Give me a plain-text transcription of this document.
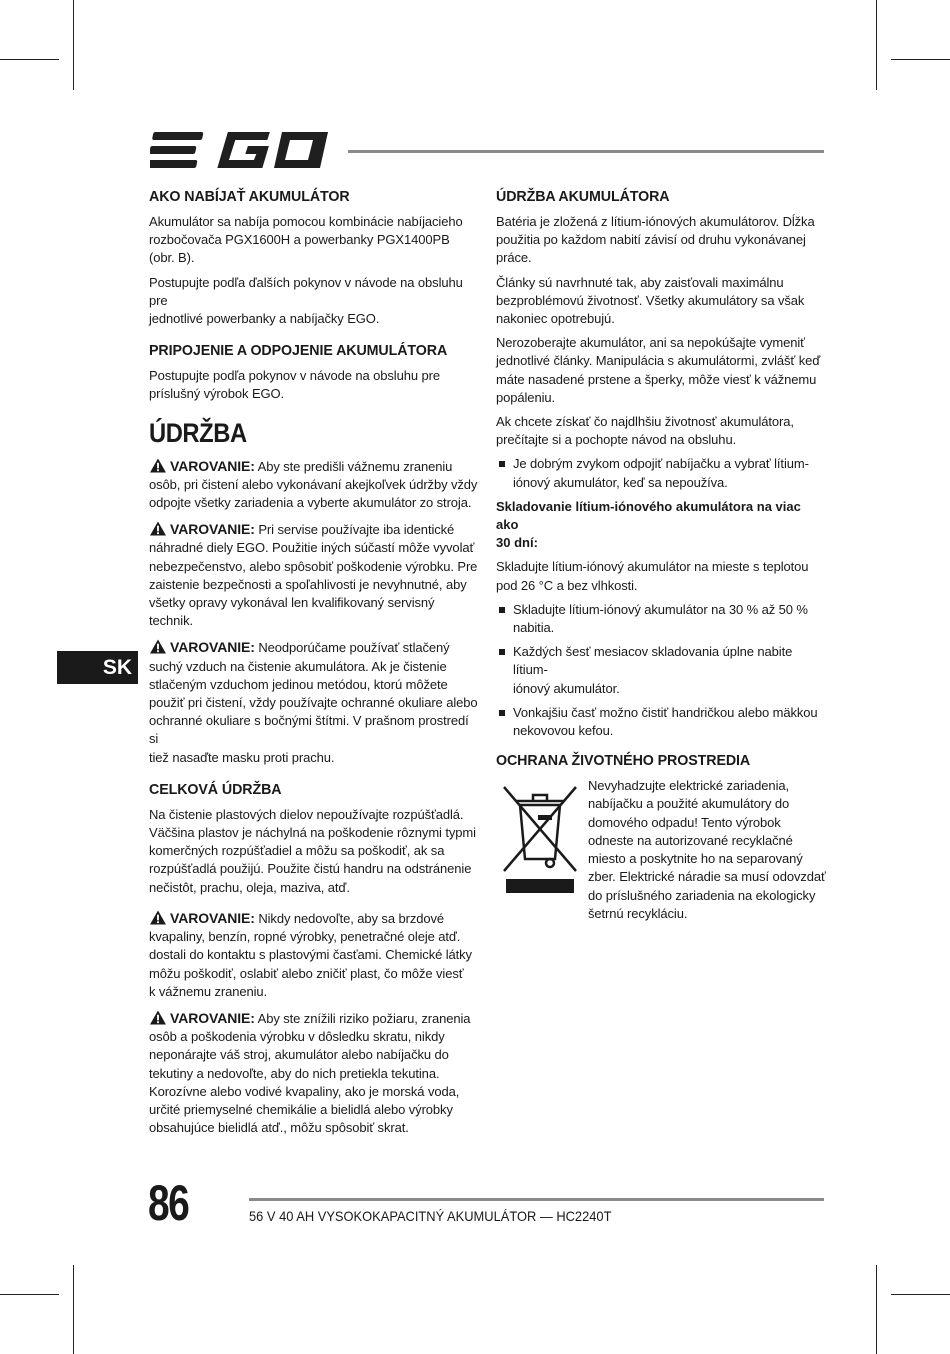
AKO NABÍJAŤ AKUMULÁTOR

Akumulátor sa nabíja pomocou kombinácie nabíjacieho
rozbočovača PGX1600H a powerbanky PGX1400PB
(obr. B).

Postupujte podľa ďalších pokynov v návode na obsluhu pre
jednotlivé powerbanky a nabíjačky EGO.

PRIPOJENIE A ODPOJENIE AKUMULÁTORA

Postupujte podľa pokynov v návode na obsluhu pre
príslušný výrobok EGO.

ÚDRŽBA
VAROVANIE: Aby ste predišli vážnemu zraneniu
osôb, pri čistení alebo vykonávaní akejkoľvek údržby vždy
odpojte všetky zariadenia a vyberte akumulátor zo stroja.
VAROVANIE: Pri servise používajte iba identické
náhradné diely EGO. Použitie iných súčastí môže vyvolať
nebezpečenstvo, alebo spôsobiť poškodenie výrobku. Pre
zaistenie bezpečnosti a spoľahlivosti je nevyhnutné, aby
všetky opravy vykonával len kvalifikovaný servisný technik.
VAROVANIE: Neodporúčame používať stlačený
suchý vzduch na čistenie akumulátora. Ak je čistenie
stlačeným vzduchom jedinou metódou, ktorú môžete
použiť pri čistení, vždy používajte ochranné okuliare alebo
ochranné okuliare s bočnými štítmi. V prašnom prostredí si
tiež nasaďte masku proti prachu.
CELKOVÁ ÚDRŽBA

Na čistenie plastových dielov nepoužívajte rozpúšťadlá.
Väčšina plastov je náchylná na poškodenie rôznymi typmi
komerčných rozpúšťadiel a môžu sa poškodiť, ak sa
rozpúšťadlá použijú. Použite čistú handru na odstránenie
nečistôt, prachu, oleja, maziva, atď.

VAROVANIE: Nikdy nedovoľte, aby sa brzdové
kvapaliny, benzín, ropné výrobky, penetračné oleje atď.
dostali do kontaktu s plastovými časťami. Chemické látky
môžu poškodiť, oslabiť alebo zničiť plast, čo môže viesť
k vážnemu zraneniu.
VAROVANIE: Aby ste znížili riziko požiaru, zranenia
osôb a poškodenia výrobku v dôsledku skratu, nikdy
neponárajte váš stroj, akumulátor alebo nabíjačku do
tekutiny a nedovoľte, aby do nich pretiekla tekutina.
Korozívne alebo vodivé kvapaliny, ako je morská voda,
určité priemyselné chemikálie a bielidlá alebo výrobky
obsahujúce bielidlá atď., môžu spôsobiť skrat.
ÚDRŽBA AKUMULÁTORA

Batéria je zložená z lítium-iónových akumulátorov. Dĺžka
použitia po každom nabití závisí od druhu vykonávanej
práce.

Články sú navrhnuté tak, aby zaisťovali maximálnu
bezproblémovú životnosť. Všetky akumulátory sa však
nakoniec opotrebujú.

Nerozoberajte akumulátor, ani sa nepokúšajte vymeniť
jednotlivé články. Manipulácia s akumulátormi, zvlášť keď
máte nasadené prstene a šperky, môže viesť k vážnemu
popáleniu.

Ak chcete získať čo najdlhšiu životnosť akumulátora,
prečítajte si a pochopte návod na obsluhu.

Je dobrým zvykom odpojiť nabíjačku a vybrať lítium-
iónový akumulátor, keď sa nepoužíva.
Skladovanie lítium-iónového akumulátora na viac ako
30 dní:

Skladujte lítium-iónový akumulátor na mieste s teplotou
pod 26 °C a bez vlhkosti.

Skladujte lítium-iónový akumulátor na 30 % až 50 %
nabitia.
Každých šesť mesiacov skladovania úplne nabite lítium-
iónový akumulátor.
Vonkajšiu časť možno čistiť handričkou alebo mäkkou
nekovovou kefou.
OCHRANA ŽIVOTNÉHO PROSTREDIA
Nevyhadzujte elektrické zariadenia,
nabíjačku a použité akumulátory do
domového odpadu! Tento výrobok
odneste na autorizované recyklačné
miesto a poskytnite ho na separovaný
zber. Elektrické náradie sa musí odovzdať
do príslušného zariadenia na ekologicky
šetrnú recykláciu.
SK
86	56 V 40 AH VYSOKOKAPACITNÝ AKUMULÁTOR — HC2240T
